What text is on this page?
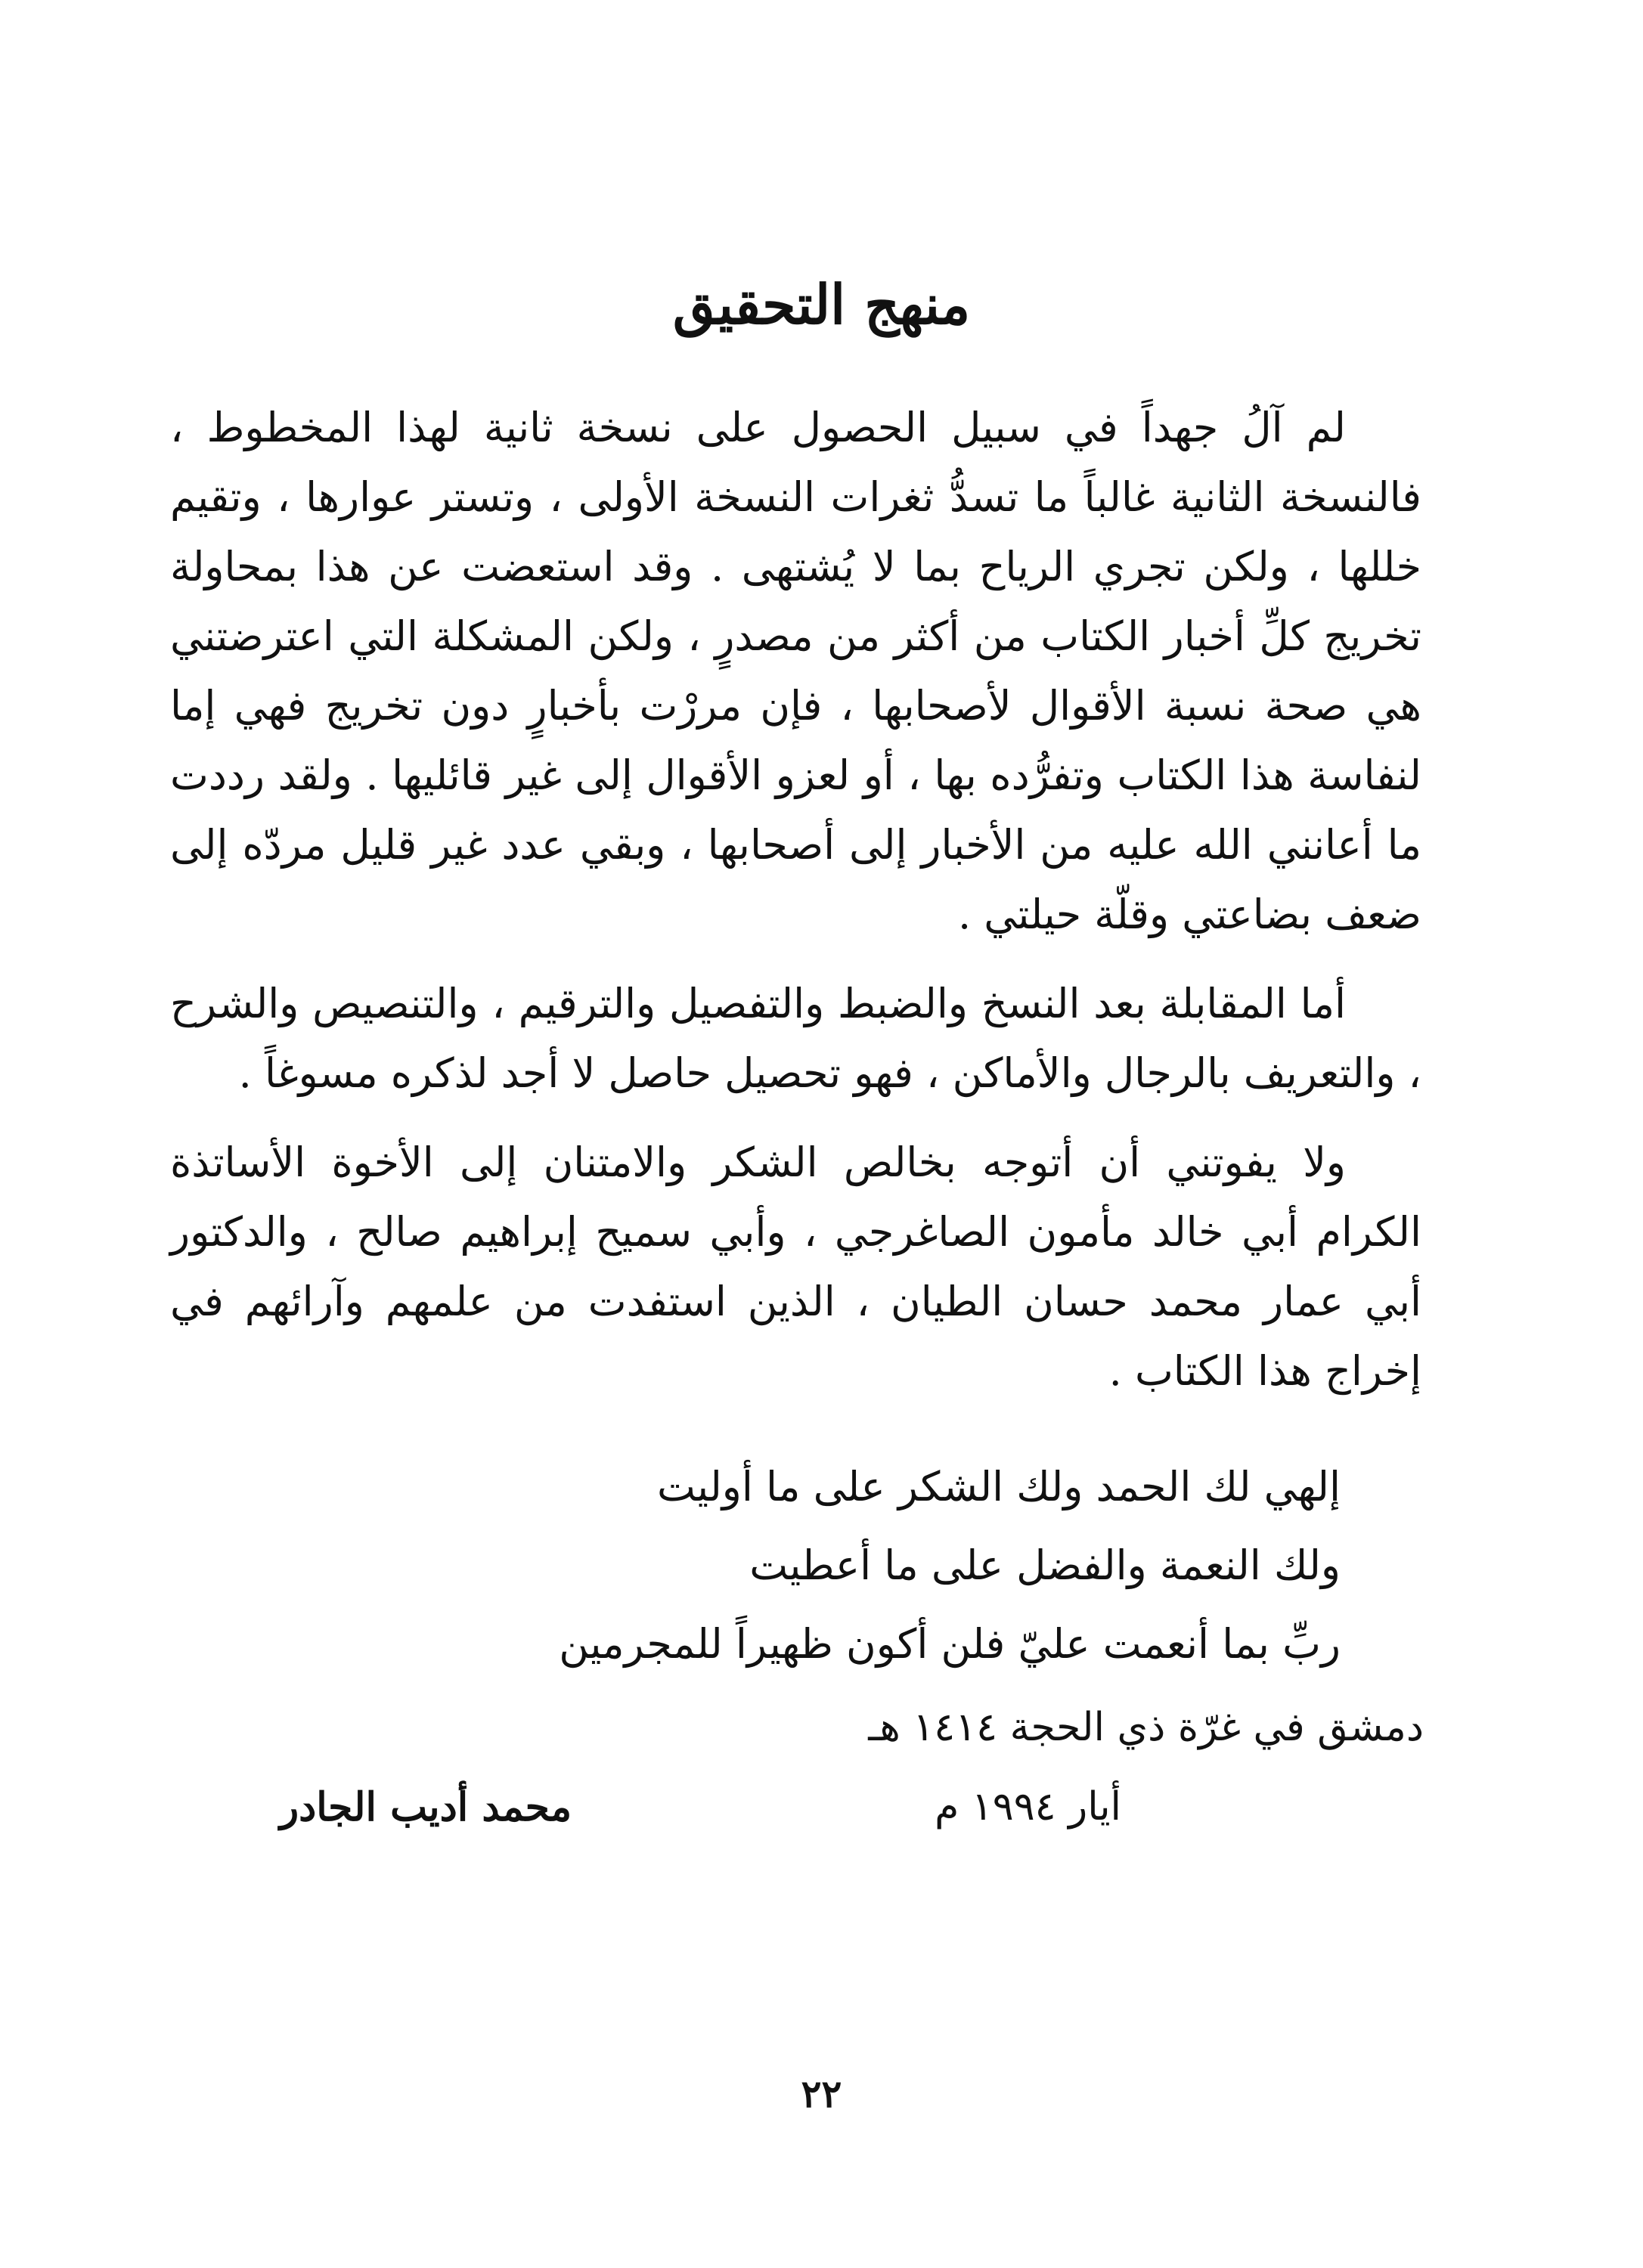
منهج التحقيق

لم آلُ جهداً في سبيل الحصول على نسخة ثانية لهذا المخطوط ، فالنسخة الثانية غالباً ما تسدُّ ثغرات النسخة الأولى ، وتستر عوارها ، وتقيم خللها ، ولكن تجري الرياح بما لا يُشتهى . وقد استعضت عن هذا بمحاولة تخريج كلِّ أخبار الكتاب من أكثر من مصدرٍ ، ولكن المشكلة التي اعترضتني هي صحة نسبة الأقوال لأصحابها ، فإن مررْت بأخبارٍ دون تخريج فهي إما لنفاسة هذا الكتاب وتفرُّده بها ، أو لعزو الأقوال إلى غير قائليها . ولقد رددت ما أعانني الله عليه من الأخبار إلى أصحابها ، وبقي عدد غير قليل مردّه إلى ضعف بضاعتي وقلّة حيلتي .

أما المقابلة بعد النسخ والضبط والتفصيل والترقيم ، والتنصيص والشرح ، والتعريف بالرجال والأماكن ، فهو تحصيل حاصل لا أجد لذكره مسوغاً .

ولا يفوتني أن أتوجه بخالص الشكر والامتنان إلى الأخوة الأساتذة الكرام أبي خالد مأمون الصاغرجي ، وأبي سميح إبراهيم صالح ، والدكتور أبي عمار محمد حسان الطيان ، الذين استفدت من علمهم وآرائهم في إخراج هذا الكتاب .

إلهي لك الحمد ولك الشكر على ما أوليت
ولك النعمة والفضل على ما أعطيت
ربِّ بما أنعمت عليّ فلن أكون ظهيراً للمجرمين
دمشق في غرّة ذي الحجة ١٤١٤ هـ
أيار ١٩٩٤ م
محمد أديب الجادر
٢٢
